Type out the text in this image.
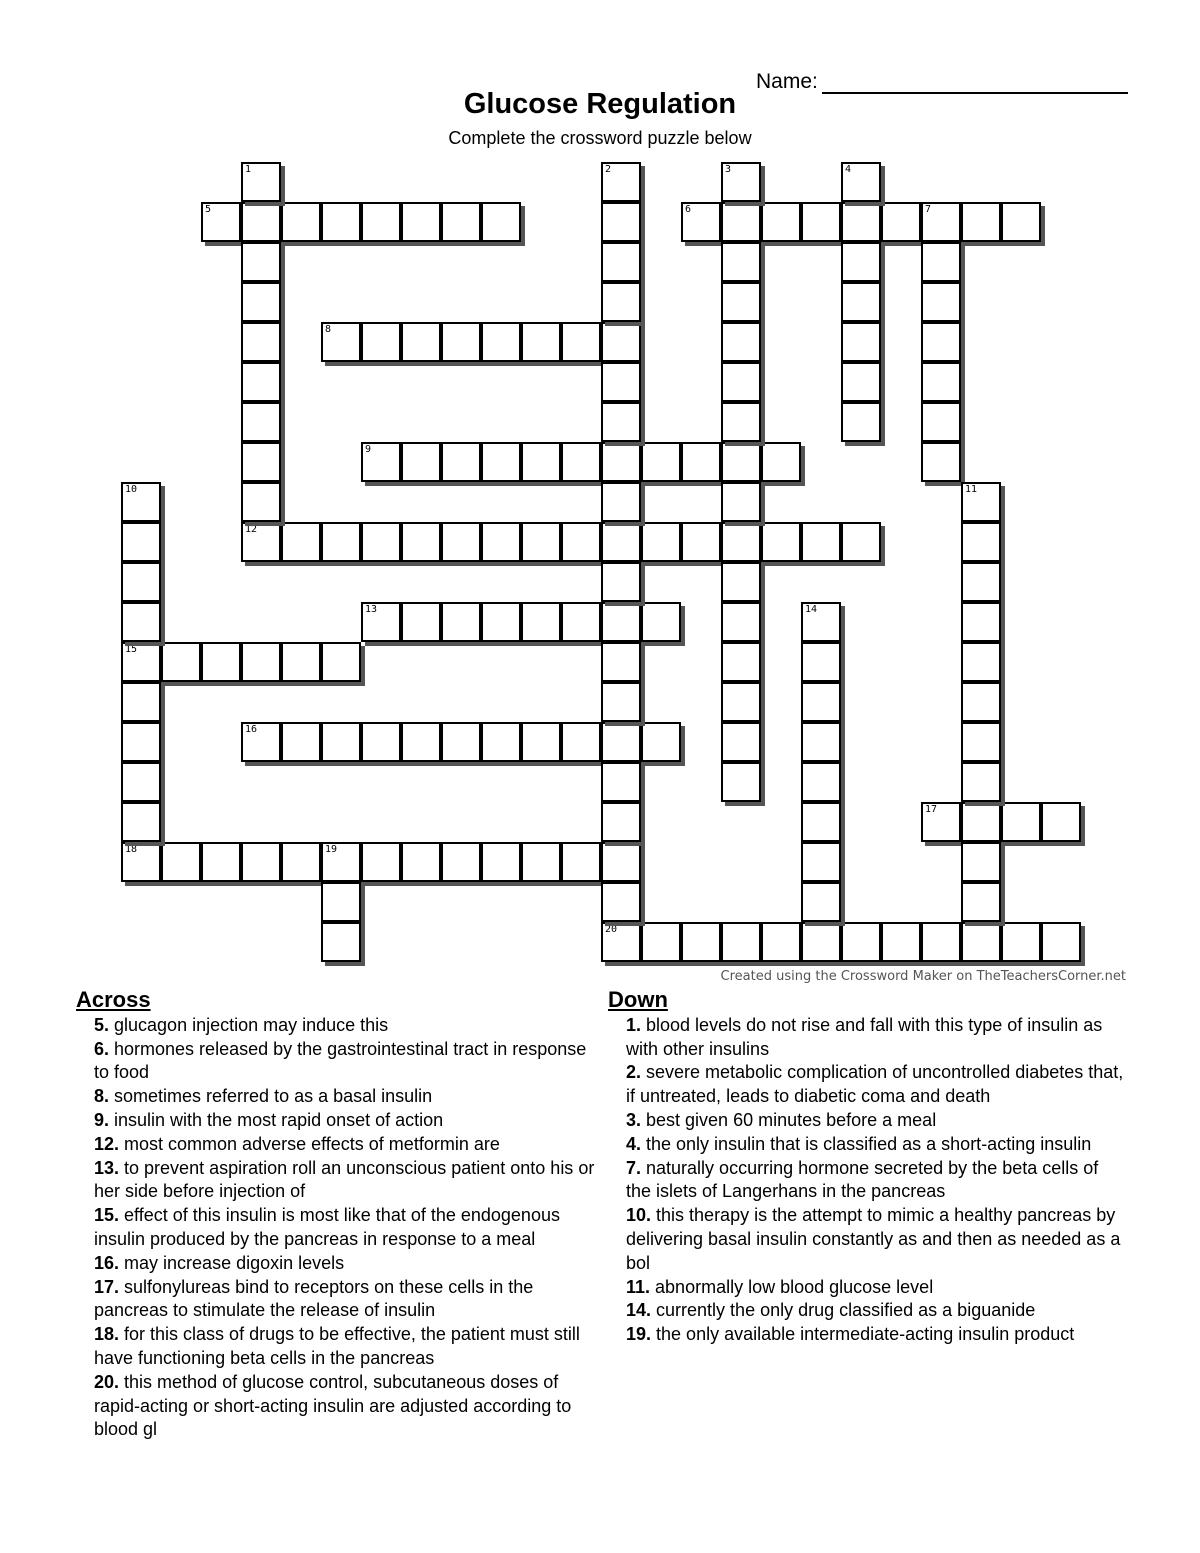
Name:
Glucose Regulation
Complete the crossword puzzle below
5	6	7
8
9
12
13
15
16
17
18	19
20
1	2	3	4
10	11
14
Created using the Crossword Maker on TheTeachersCorner.net
Across
5. glucagon injection may induce this
6. hormones released by the gastrointestinal tract in response to food
8. sometimes referred to as a basal insulin
9. insulin with the most rapid onset of action
12. most common adverse effects of metformin are
13. to prevent aspiration roll an unconscious patient onto his or her side before injection of
15. effect of this insulin is most like that of the endogenous insulin produced by the pancreas in response to a meal
16. may increase digoxin levels
17. sulfonylureas bind to receptors on these cells in the pancreas to stimulate the release of insulin
18. for this class of drugs to be effective, the patient must still have functioning beta cells in the pancreas
20. this method of glucose control, subcutaneous doses of rapid-acting or short-acting insulin are adjusted according to blood gl
Down
1. blood levels do not rise and fall with this type of insulin as with other insulins
2. severe metabolic complication of uncontrolled diabetes that, if untreated, leads to diabetic coma and death
3. best given 60 minutes before a meal
4. the only insulin that is classified as a short-acting insulin
7. naturally occurring hormone secreted by the beta cells of the islets of Langerhans in the pancreas
10. this therapy is the attempt to mimic a healthy pancreas by delivering basal insulin constantly as and then as needed as a bol
11. abnormally low blood glucose level
14. currently the only drug classified as a biguanide
19. the only available intermediate-acting insulin product
